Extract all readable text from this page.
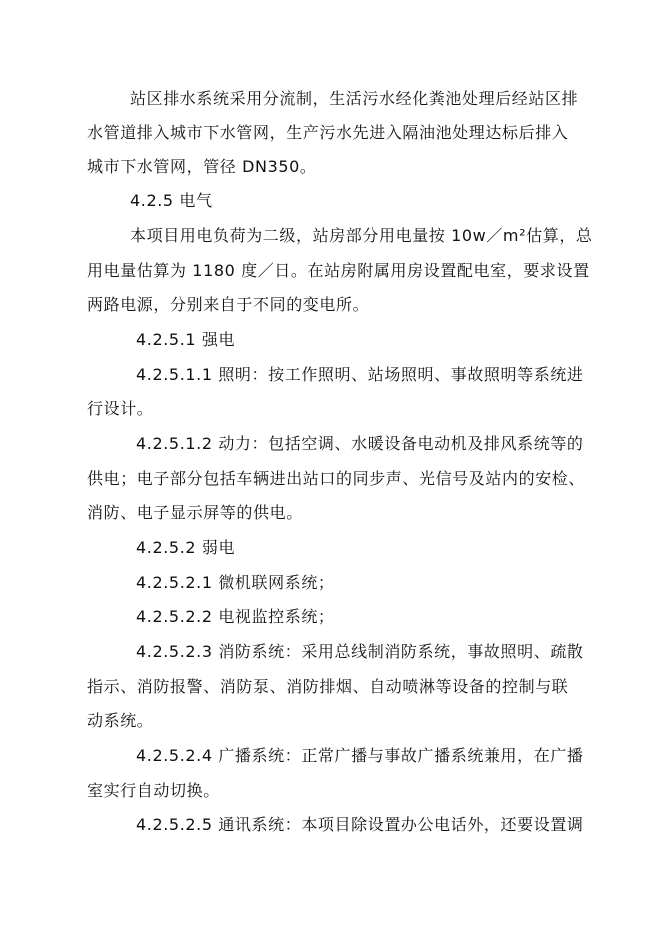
站区排水系统采用分流制，生活污水经化粪池处理后经站区排
水管道排入城市下水管网，生产污水先进入隔油池处理达标后排入
城市下水管网，管径 DN350。
4.2.5 电气
本项目用电负荷为二级，站房部分用电量按 10w／m²估算，总
用电量估算为 1180 度／日。在站房附属用房设置配电室，要求设置
两路电源，分别来自于不同的变电所。
4.2.5.1 强电
4.2.5.1.1 照明：按工作照明、站场照明、事故照明等系统进
行设计。
4.2.5.1.2 动力：包括空调、水暖设备电动机及排风系统等的
供电；电子部分包括车辆进出站口的同步声、光信号及站内的安检、
消防、电子显示屏等的供电。
4.2.5.2 弱电
4.2.5.2.1 微机联网系统；
4.2.5.2.2 电视监控系统；
4.2.5.2.3 消防系统：采用总线制消防系统，事故照明、疏散
指示、消防报警、消防泵、消防排烟、自动喷淋等设备的控制与联
动系统。
4.2.5.2.4 广播系统：正常广播与事故广播系统兼用，在广播
室实行自动切换。
4.2.5.2.5 通讯系统：本项目除设置办公电话外，还要设置调
